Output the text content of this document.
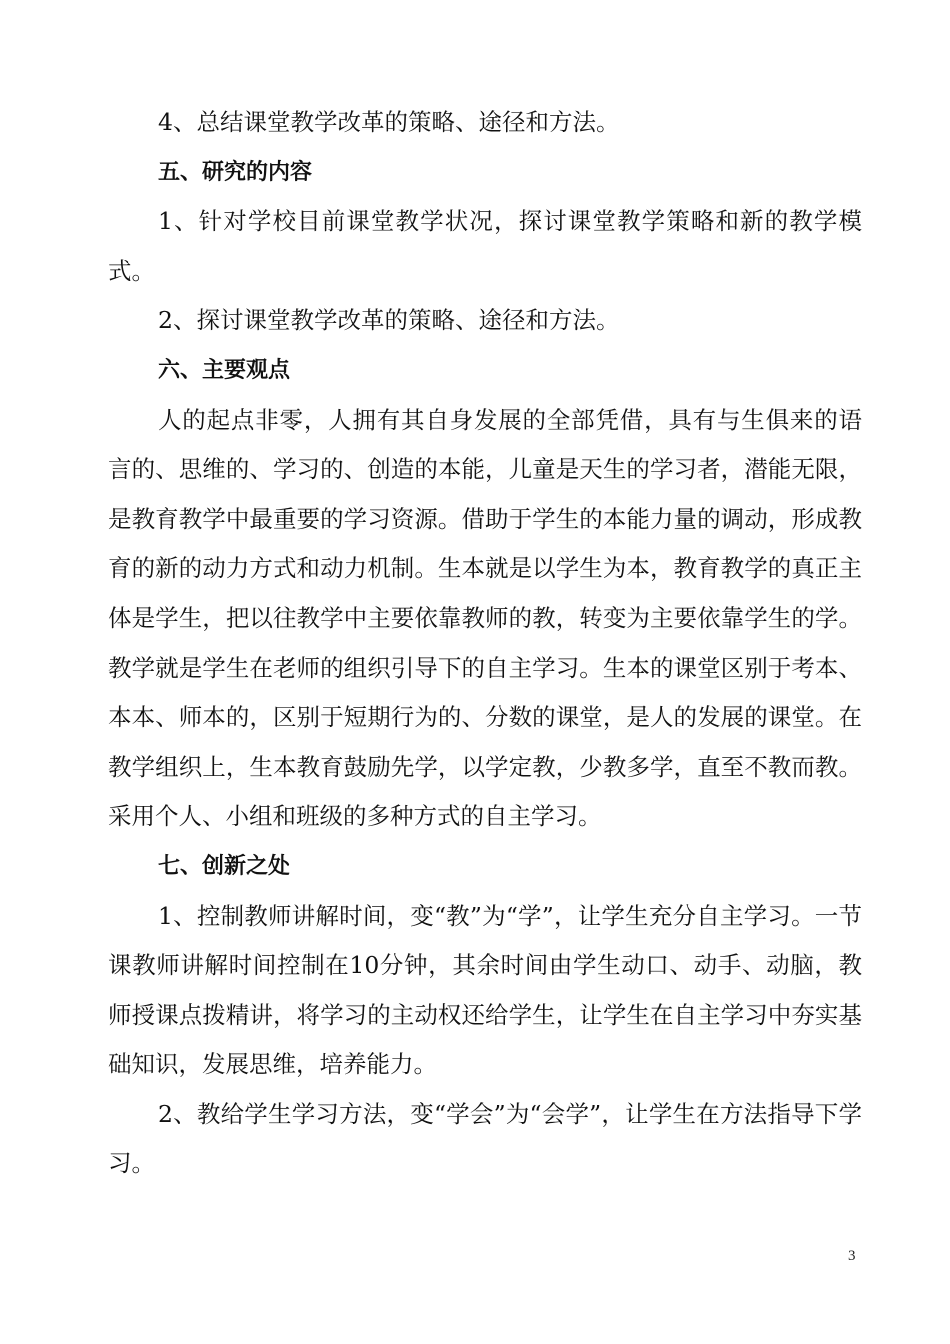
4、总结课堂教学改革的策略、途径和方法。

五、研究的内容

1、针对学校目前课堂教学状况，探讨课堂教学策略和新的教学模式。

2、探讨课堂教学改革的策略、途径和方法。

六、主要观点

人的起点非零，人拥有其自身发展的全部凭借，具有与生俱来的语言的、思维的、学习的、创造的本能，儿童是天生的学习者，潜能无限，是教育教学中最重要的学习资源。借助于学生的本能力量的调动，形成教育的新的动力方式和动力机制。生本就是以学生为本，教育教学的真正主体是学生，把以往教学中主要依靠教师的教，转变为主要依靠学生的学。教学就是学生在老师的组织引导下的自主学习。生本的课堂区别于考本、本本、师本的，区别于短期行为的、分数的课堂，是人的发展的课堂。在教学组织上，生本教育鼓励先学，以学定教，少教多学，直至不教而教。采用个人、小组和班级的多种方式的自主学习。

七、创新之处

1、控制教师讲解时间，变“教”为“学”，让学生充分自主学习。一节课教师讲解时间控制在10分钟，其余时间由学生动口、动手、动脑，教师授课点拨精讲，将学习的主动权还给学生，让学生在自主学习中夯实基础知识，发展思维，培养能力。

2、教给学生学习方法，变“学会”为“会学”，让学生在方法指导下学习。

3
